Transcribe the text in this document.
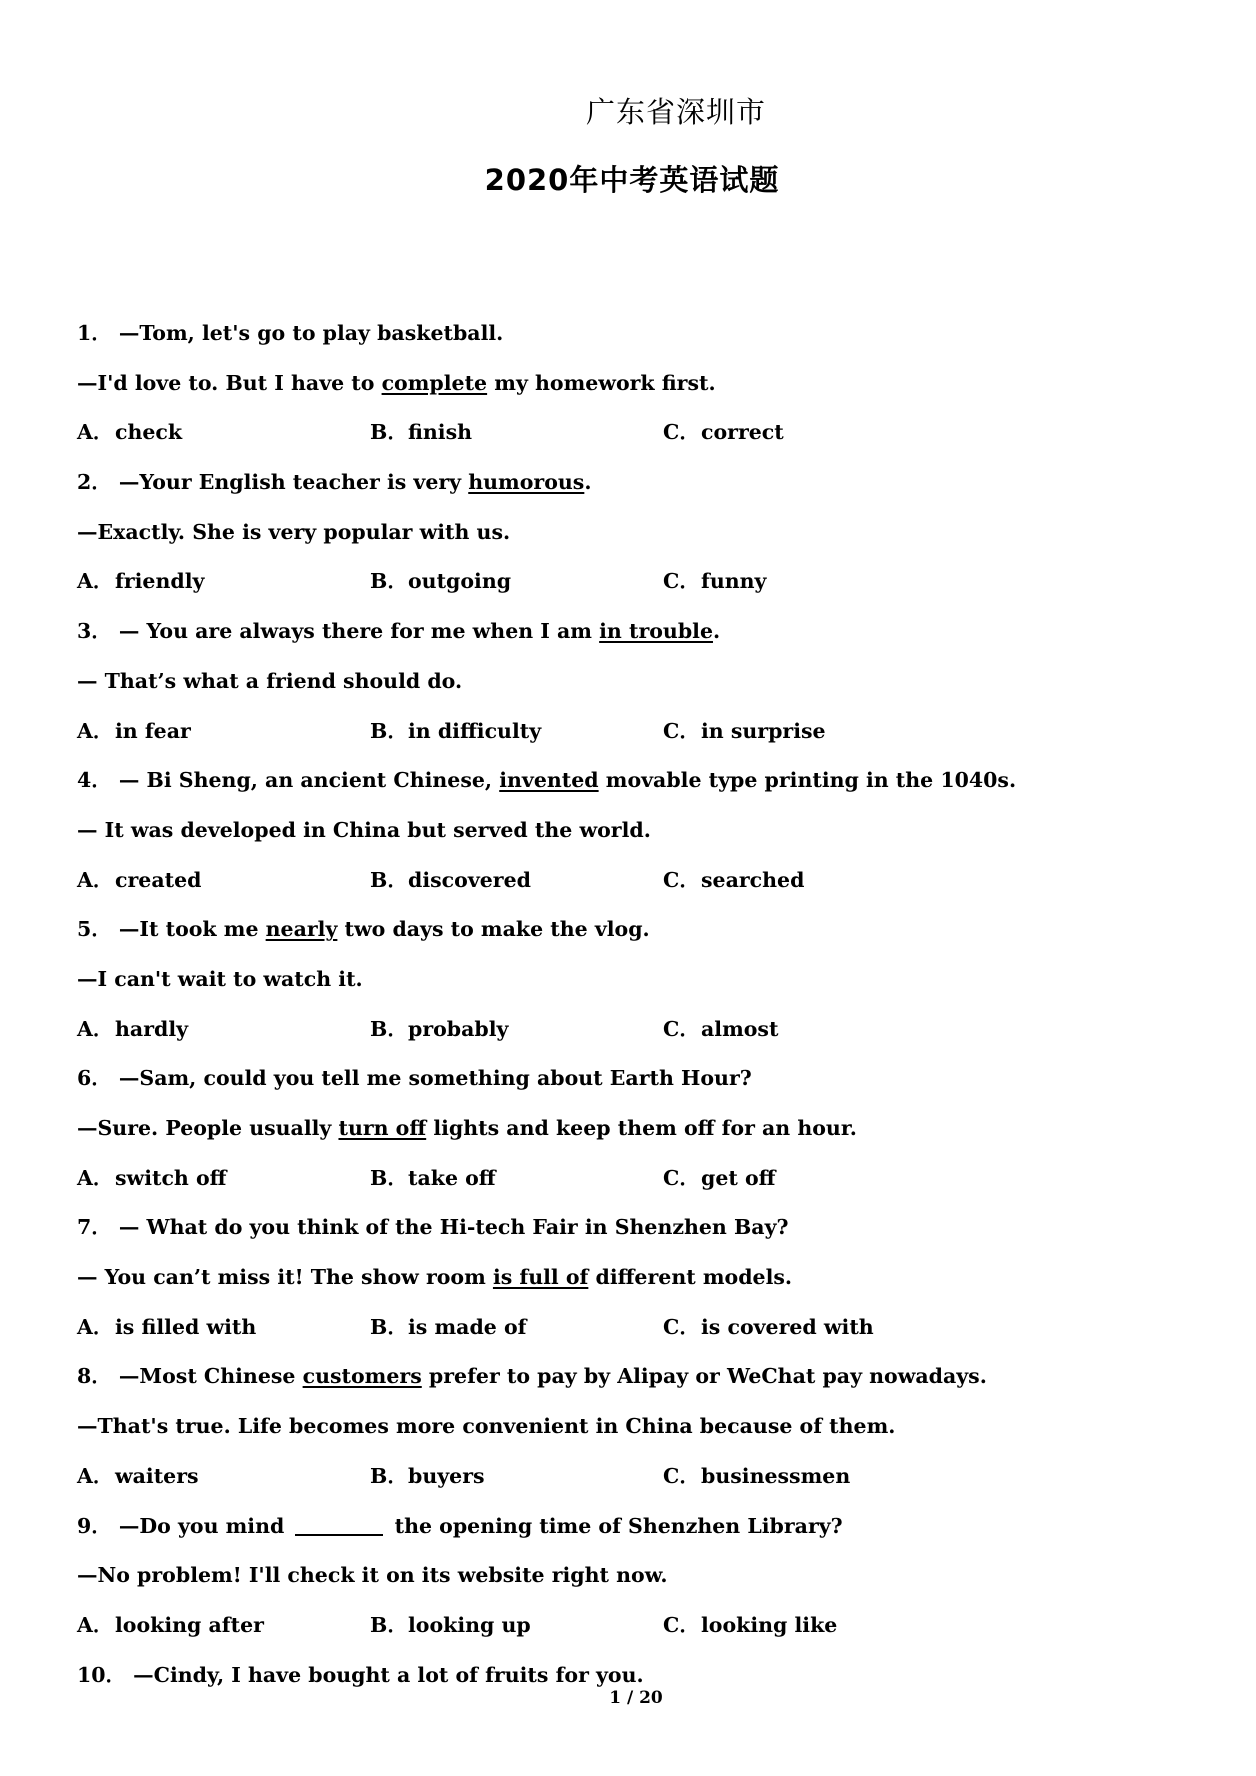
广东省深圳市
2020年中考英语试题
1． —Tom, let's go to play basketball.
—I'd love to. But I have to complete my homework first.
A．check	B．finish	C．correct
2． —Your English teacher is very humorous.
—Exactly. She is very popular with us.
A．friendly	B．outgoing	C．funny
3． — You are always there for me when I am in trouble.
— That’s what a friend should do.
A．in fear	B．in difficulty	C．in surprise
4． — Bi Sheng, an ancient Chinese, invented movable type printing in the 1040s.
— It was developed in China but served the world.
A．created	B．discovered	C．searched
5． —It took me nearly two days to make the vlog.
—I can't wait to watch it.
A．hardly	B．probably	C．almost
6． —Sam, could you tell me something about Earth Hour?
—Sure. People usually turn off lights and keep them off for an hour.
A．switch off	B．take off	C．get off
7． — What do you think of the Hi-tech Fair in Shenzhen Bay?
— You can’t miss it! The show room is full of different models.
A．is filled with	B．is made of	C．is covered with
8． —Most Chinese customers prefer to pay by Alipay or WeChat pay nowadays.
—That's true. Life becomes more convenient in China because of them.
A．waiters	B．buyers	C．businessmen
9． —Do you mind	the opening time of Shenzhen Library?
—No problem! I'll check it on its website right now.
A．looking after	B．looking up	C．looking like
10． —Cindy, I have bought a lot of fruits for you.
1 / 20
